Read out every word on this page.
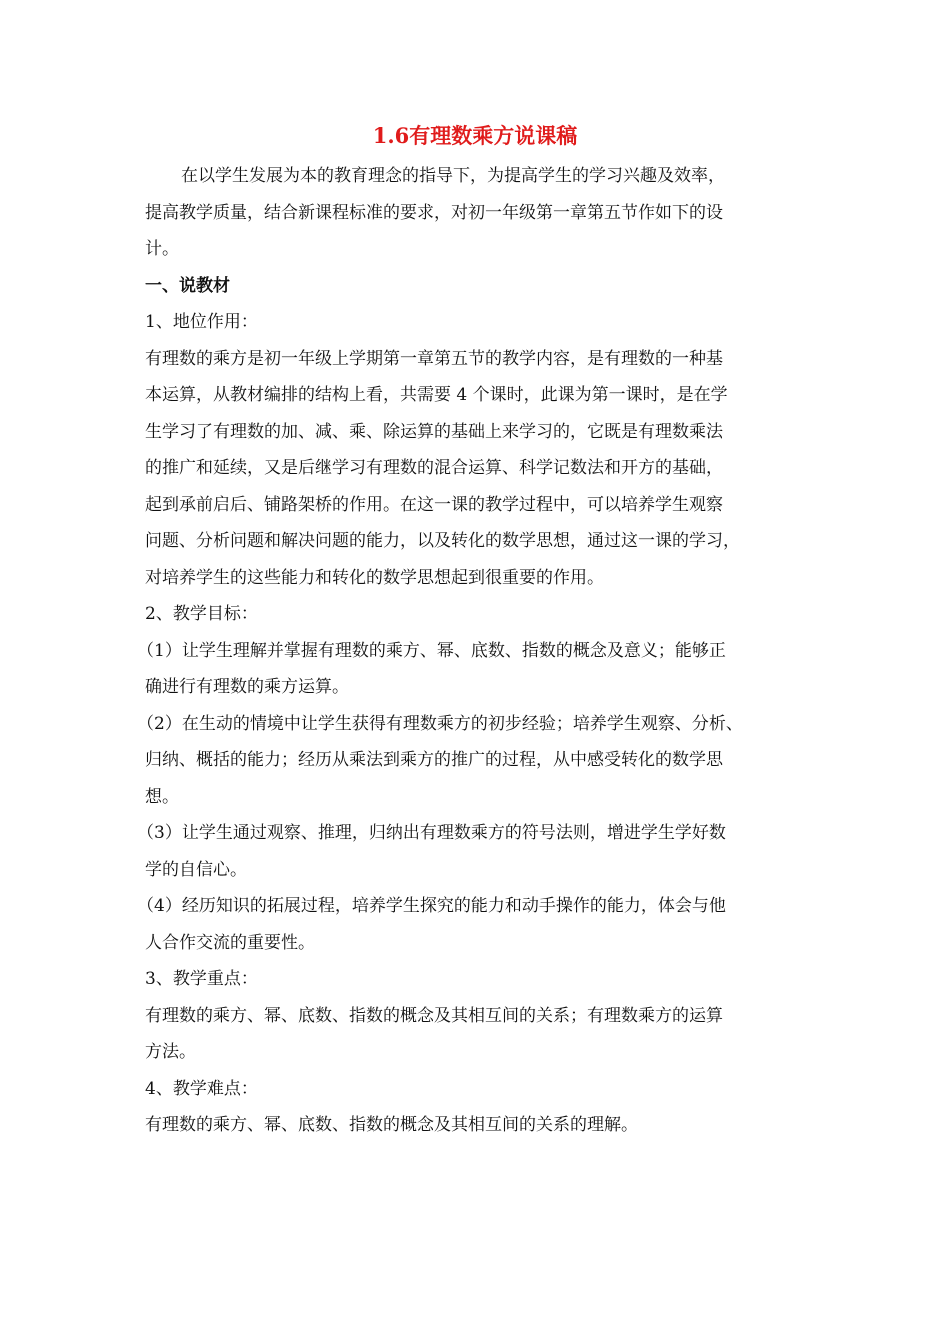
1.6有理数乘方说课稿
在以学生发展为本的教育理念的指导下，为提高学生的学习兴趣及效率，
提高教学质量，结合新课程标准的要求，对初一年级第一章第五节作如下的设
计。
一、说教材
1、地位作用：
有理数的乘方是初一年级上学期第一章第五节的教学内容，是有理数的一种基
本运算，从教材编排的结构上看，共需要 4 个课时，此课为第一课时，是在学
生学习了有理数的加、减、乘、除运算的基础上来学习的，它既是有理数乘法
的推广和延续，又是后继学习有理数的混合运算、科学记数法和开方的基础，
起到承前启后、铺路架桥的作用。在这一课的教学过程中，可以培养学生观察
问题、分析问题和解决问题的能力，以及转化的数学思想，通过这一课的学习，
对培养学生的这些能力和转化的数学思想起到很重要的作用。
2、教学目标：
（1）让学生理解并掌握有理数的乘方、幂、底数、指数的概念及意义；能够正
确进行有理数的乘方运算。
（2）在生动的情境中让学生获得有理数乘方的初步经验；培养学生观察、分析、
归纳、概括的能力；经历从乘法到乘方的推广的过程，从中感受转化的数学思
想。
（3）让学生通过观察、推理，归纳出有理数乘方的符号法则，增进学生学好数
学的自信心。
（4）经历知识的拓展过程，培养学生探究的能力和动手操作的能力，体会与他
人合作交流的重要性。
3、教学重点：
有理数的乘方、幂、底数、指数的概念及其相互间的关系；有理数乘方的运算
方法。
4、教学难点：
有理数的乘方、幂、底数、指数的概念及其相互间的关系的理解。
